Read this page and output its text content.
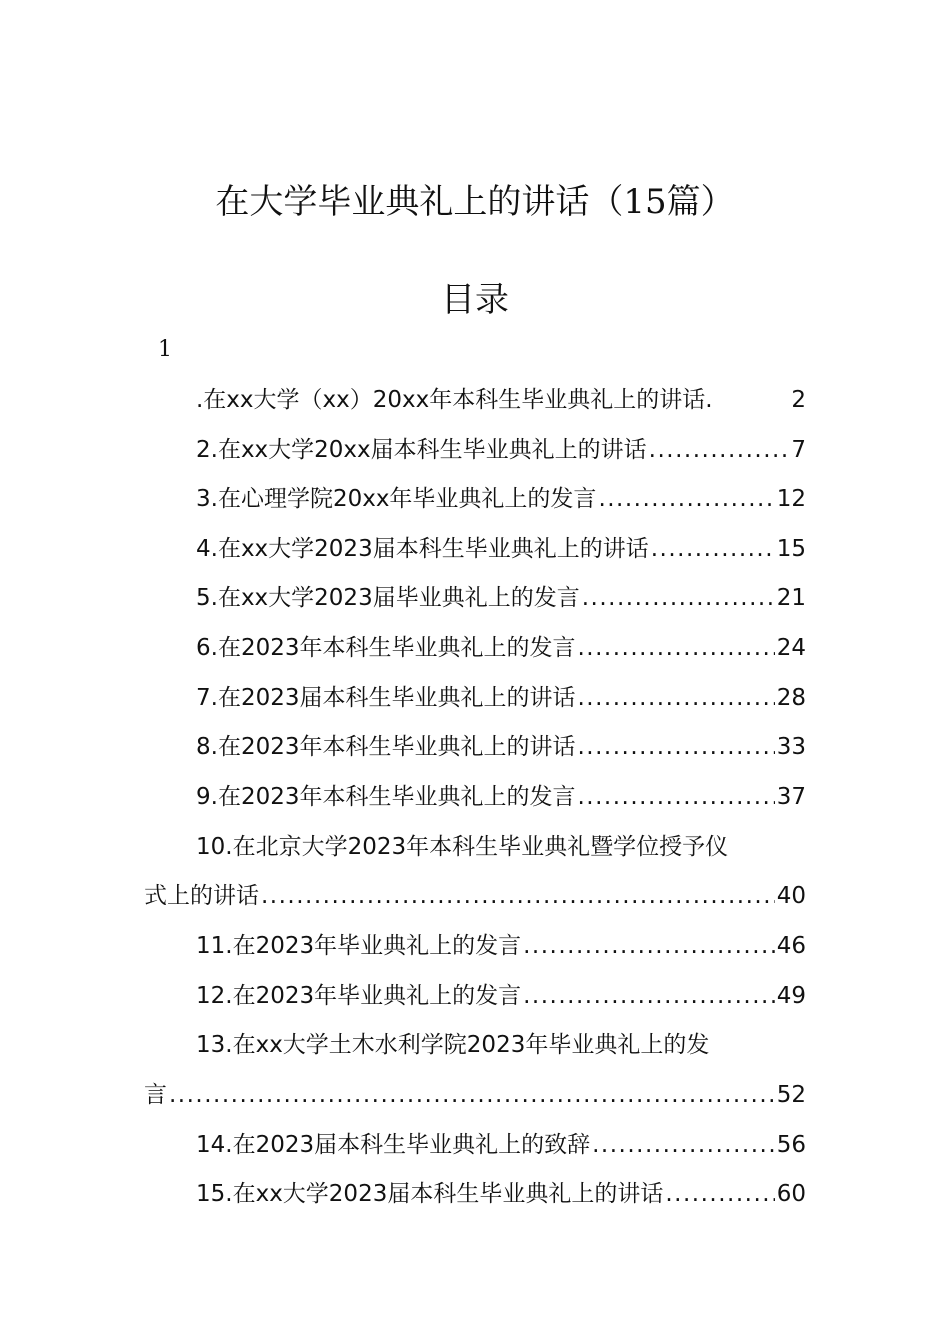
在大学毕业典礼上的讲话（15篇）
目录
1
.在xx大学（xx）20xx年本科生毕业典礼上的讲话.	2
2.在xx大学20xx届本科生毕业典礼上的讲话 .....	7
3.在心理学院20xx年毕业典礼上的发言 .....	12
4.在xx大学2023届本科生毕业典礼上的讲话 .....	15
5.在xx大学2023届毕业典礼上的发言 .....	21
6.在2023年本科生毕业典礼上的发言 .....	24
7.在2023届本科生毕业典礼上的讲话 .....	28
8.在2023年本科生毕业典礼上的讲话 .....	33
9.在2023年本科生毕业典礼上的发言 .....	37
10.在北京大学2023年本科生毕业典礼暨学位授予仪
式上的讲话 .....	40
11.在2023年毕业典礼上的发言 .....	46
12.在2023年毕业典礼上的发言 .....	49
13.在xx大学土木水利学院2023年毕业典礼上的发
言 .....	52
14.在2023届本科生毕业典礼上的致辞 .....	56
15.在xx大学2023届本科生毕业典礼上的讲话 .....	60
